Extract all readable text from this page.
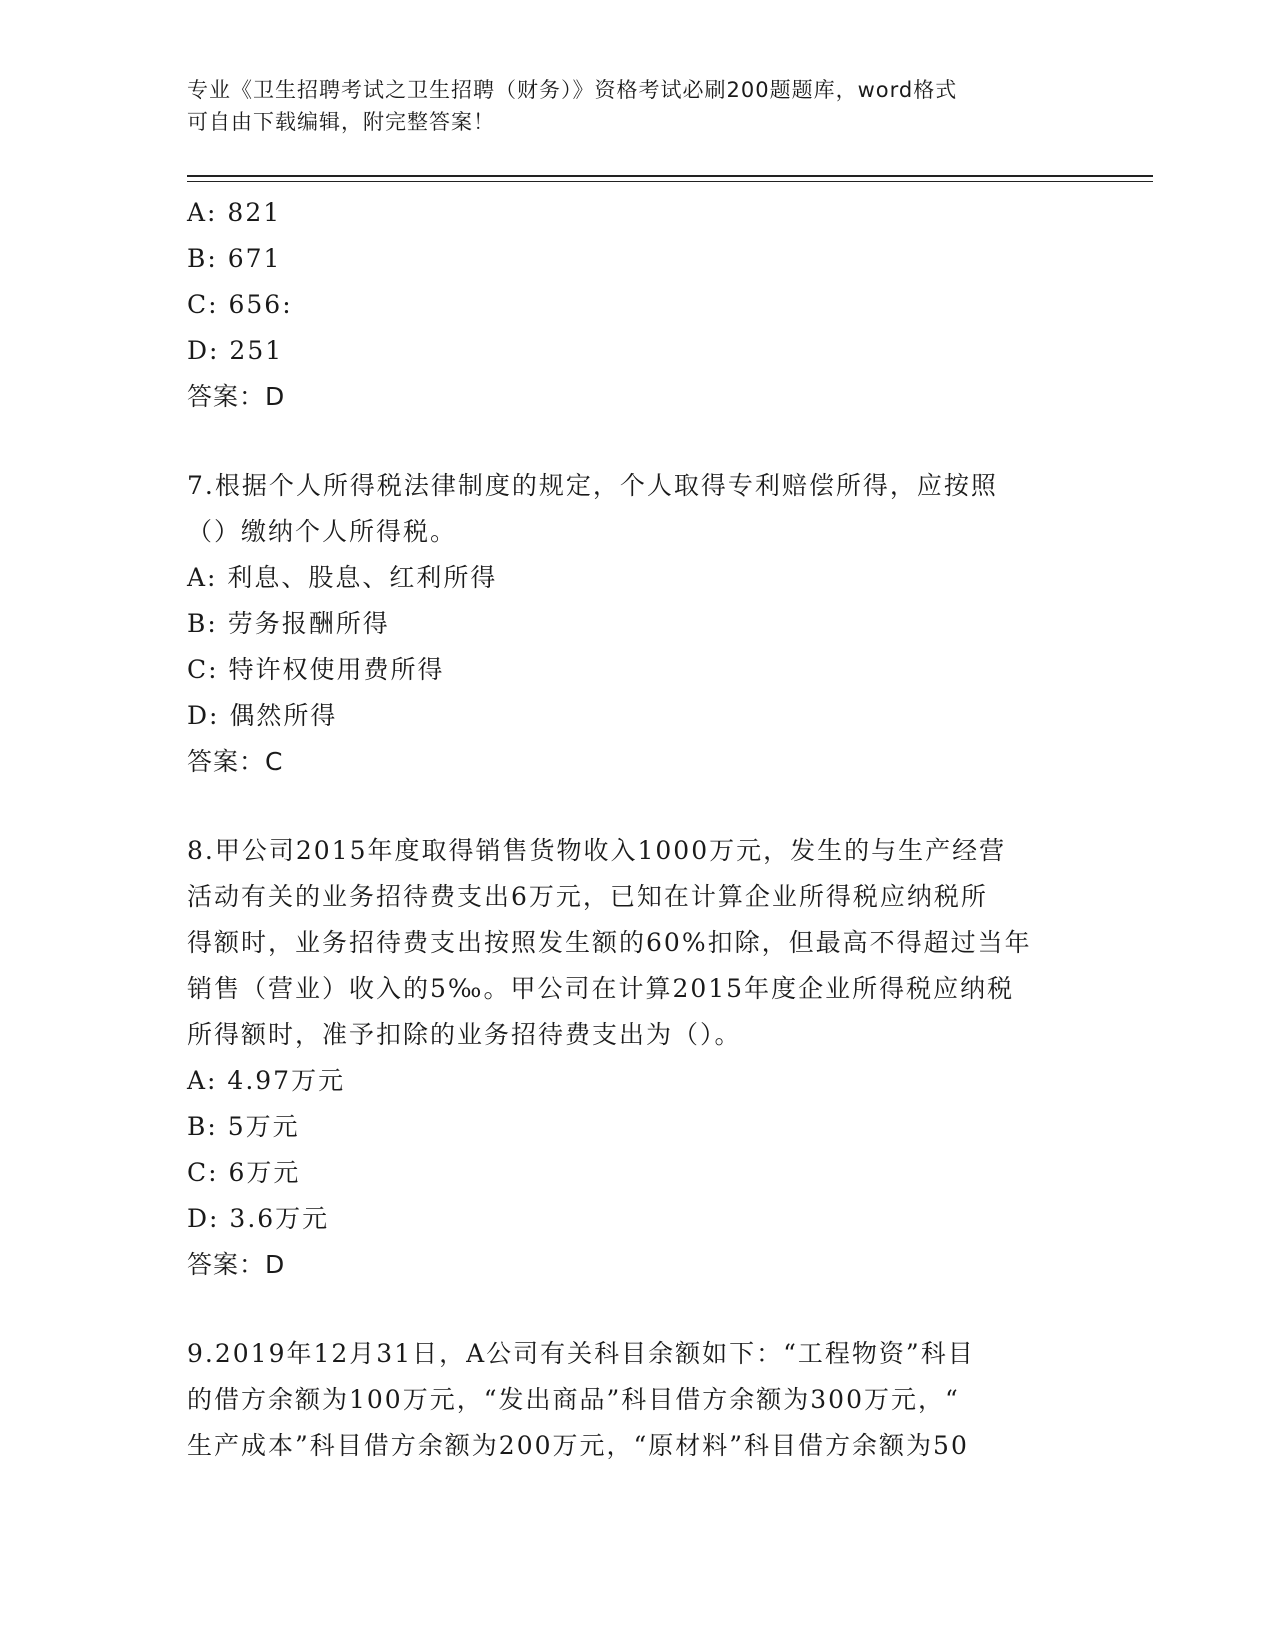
专业《卫生招聘考试之卫生招聘（财务）》资格考试必刷200题题库，word格式
可自由下载编辑，附完整答案！
A: 821
B: 671
C: 656:
D: 251
答案：D
7.根据个人所得税法律制度的规定，个人取得专利赔偿所得，应按照
（）缴纳个人所得税。
A: 利息、股息、红利所得
B: 劳务报酬所得
C: 特许权使用费所得
D: 偶然所得
答案：C
8.甲公司2015年度取得销售货物收入1000万元，发生的与生产经营
活动有关的业务招待费支出6万元，已知在计算企业所得税应纳税所
得额时，业务招待费支出按照发生额的60%扣除，但最高不得超过当年
销售（营业）收入的5‰。甲公司在计算2015年度企业所得税应纳税
所得额时，准予扣除的业务招待费支出为（）。
A: 4.97万元
B: 5万元
C: 6万元
D: 3.6万元
答案：D
9.2019年12月31日，A公司有关科目余额如下：“工程物资”科目
的借方余额为100万元，“发出商品”科目借方余额为300万元，“
生产成本”科目借方余额为200万元，“原材料”科目借方余额为50
